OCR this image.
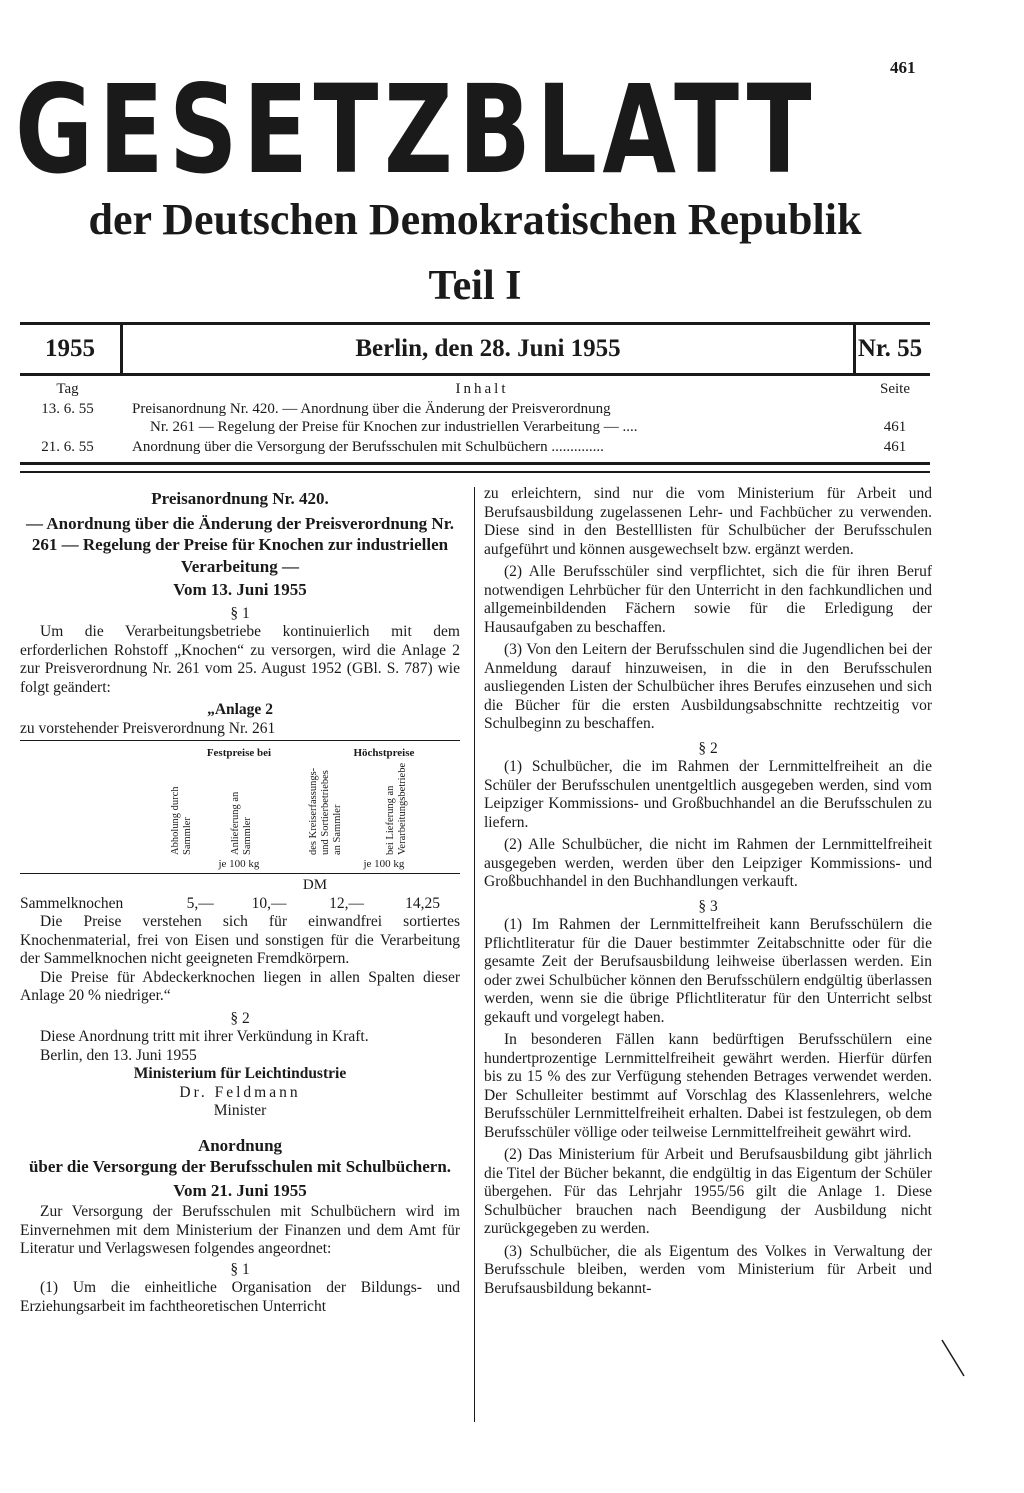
461
GESETZBLATT
der Deutschen Demokratischen Republik
Teil I
1955	Berlin, den 28. Juni 1955	Nr. 55
Tag	Inhalt	Seite
13. 6. 55	Preisanordnung Nr. 420. — Anordnung über die Änderung der Preisverordnung
Nr. 261 — Regelung der Preise für Knochen zur industriellen Verarbeitung — ....	461
21. 6. 55	Anordnung über die Versorgung der Berufsschulen mit Schulbüchern ..............	461

Preisanordnung Nr. 420.

— Anordnung über die Änderung der Preisverordnung Nr. 261 — Regelung der Preise für Knochen zur industriellen Verarbeitung —

Vom 13. Juni 1955

§ 1

Um die Verarbeitungsbetriebe kontinuierlich mit dem erforderlichen Rohstoff „Knochen“ zu versorgen, wird die Anlage 2 zur Preisverordnung Nr. 261 vom 25. August 1952 (GBl. S. 787) wie folgt geändert:

„Anlage 2

zu vorstehender Preisverordnung Nr. 261

	Festpreise bei		Höchstpreise	

	Abholung durch Sammler	Anlieferung an Sammler	des Kreiserfassungs- und Sortierbetriebes an Sammler	bei Lieferung an Verarbeitungsbetriebe

	je 100 kg		je 100 kg	
	DM			
Sammelknochen	5,—	10,—	12,—	14,25

Die Preise verstehen sich für einwandfrei sortiertes Knochenmaterial, frei von Eisen und sonstigen für die Verarbeitung der Sammelknochen nicht geeigneten Fremdkörpern.

Die Preise für Abdeckerknochen liegen in allen Spalten dieser Anlage 20 % niedriger.“

§ 2

Diese Anordnung tritt mit ihrer Verkündung in Kraft.

Berlin, den 13. Juni 1955

Ministerium für Leichtindustrie

Dr. Feldmann

Minister

Anordnung

über die Versorgung der Berufsschulen mit Schulbüchern.

Vom 21. Juni 1955

Zur Versorgung der Berufsschulen mit Schulbüchern wird im Einvernehmen mit dem Ministerium der Finanzen und dem Amt für Literatur und Verlagswesen folgendes angeordnet:

§ 1

(1) Um die einheitliche Organisation der Bildungs- und Erziehungsarbeit im fachtheoretischen Unterricht

zu erleichtern, sind nur die vom Ministerium für Arbeit und Berufsausbildung zugelassenen Lehr- und Fachbücher zu verwenden. Diese sind in den Bestelllisten für Schulbücher der Berufsschulen aufgeführt und können ausgewechselt bzw. ergänzt werden.

(2) Alle Berufsschüler sind verpflichtet, sich die für ihren Beruf notwendigen Lehrbücher für den Unterricht in den fachkundlichen und allgemeinbildenden Fächern sowie für die Erledigung der Hausaufgaben zu beschaffen.

(3) Von den Leitern der Berufsschulen sind die Jugendlichen bei der Anmeldung darauf hinzuweisen, in die in den Berufsschulen ausliegenden Listen der Schulbücher ihres Berufes einzusehen und sich die Bücher für die ersten Ausbildungsabschnitte rechtzeitig vor Schulbeginn zu beschaffen.

§ 2

(1) Schulbücher, die im Rahmen der Lernmittelfreiheit an die Schüler der Berufsschulen unentgeltlich ausgegeben werden, sind vom Leipziger Kommissions- und Großbuchhandel an die Berufsschulen zu liefern.

(2) Alle Schulbücher, die nicht im Rahmen der Lernmittelfreiheit ausgegeben werden, werden über den Leipziger Kommissions- und Großbuchhandel in den Buchhandlungen verkauft.

§ 3

(1) Im Rahmen der Lernmittelfreiheit kann Berufsschülern die Pflichtliteratur für die Dauer bestimmter Zeitabschnitte oder für die gesamte Zeit der Berufsausbildung leihweise überlassen werden. Ein oder zwei Schulbücher können den Berufsschülern endgültig überlassen werden, wenn sie die übrige Pflichtliteratur für den Unterricht selbst gekauft und vorgelegt haben.

In besonderen Fällen kann bedürftigen Berufsschülern eine hundertprozentige Lernmittelfreiheit gewährt werden. Hierfür dürfen bis zu 15 % des zur Verfügung stehenden Betrages verwendet werden. Der Schulleiter bestimmt auf Vorschlag des Klassenlehrers, welche Berufsschüler Lernmittelfreiheit erhalten. Dabei ist festzulegen, ob dem Berufsschüler völlige oder teilweise Lernmittelfreiheit gewährt wird.

(2) Das Ministerium für Arbeit und Berufsausbildung gibt jährlich die Titel der Bücher bekannt, die endgültig in das Eigentum der Schüler übergehen. Für das Lehrjahr 1955/56 gilt die Anlage 1. Diese Schulbücher brauchen nach Beendigung der Ausbildung nicht zurückgegeben zu werden.

(3) Schulbücher, die als Eigentum des Volkes in Verwaltung der Berufsschule bleiben, werden vom Ministerium für Arbeit und Berufsausbildung bekannt-
